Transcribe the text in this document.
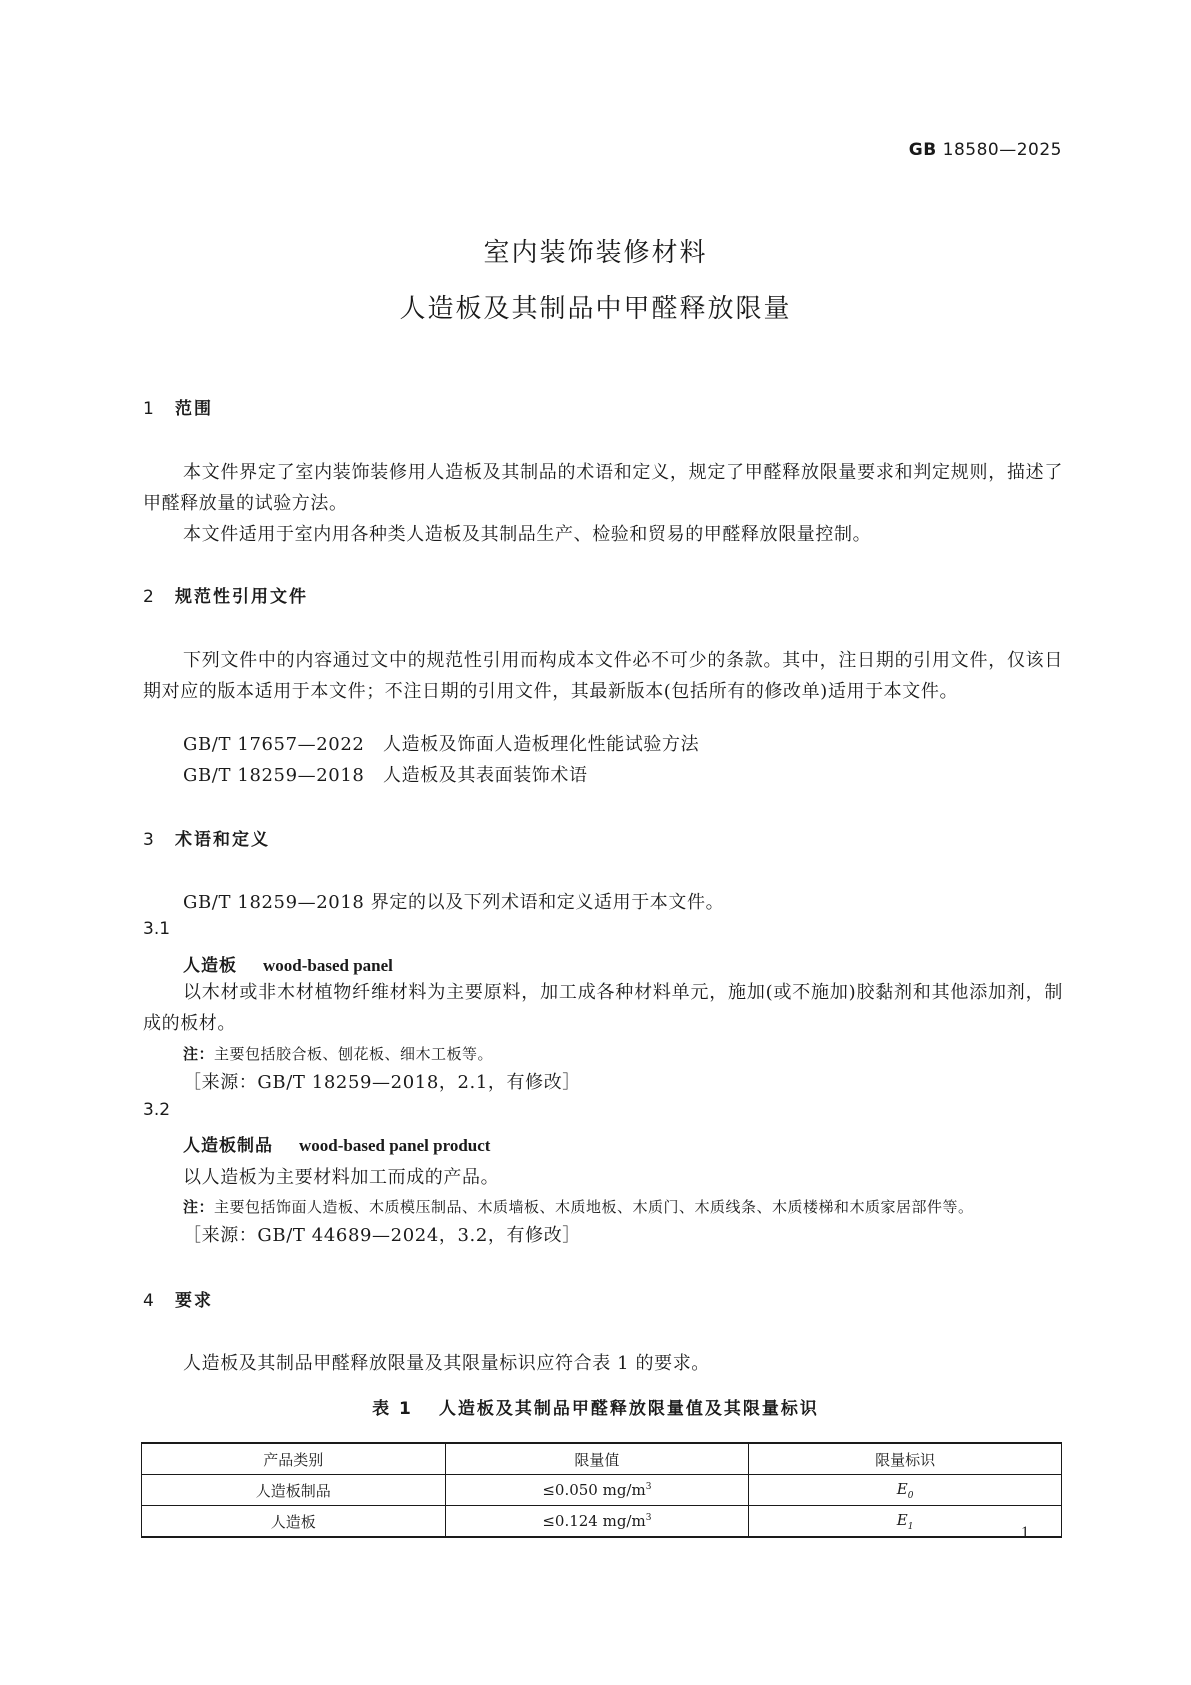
GB 18580—2025
室内装饰装修材料
人造板及其制品中甲醛释放限量
1 范围

本文件界定了室内装饰装修用人造板及其制品的术语和定义，规定了甲醛释放限量要求和判定规则，描述了甲醛释放量的试验方法。

本文件适用于室内用各种类人造板及其制品生产、检验和贸易的甲醛释放限量控制。

2 规范性引用文件

下列文件中的内容通过文中的规范性引用而构成本文件必不可少的条款。其中，注日期的引用文件，仅该日期对应的版本适用于本文件；不注日期的引用文件，其最新版本(包括所有的修改单)适用于本文件。

GB/T 17657—2022 人造板及饰面人造板理化性能试验方法
GB/T 18259—2018 人造板及其表面装饰术语
3 术语和定义
GB/T 18259—2018 界定的以及下列术语和定义适用于本文件。
3.1
人造板 wood-based panel

以木材或非木材植物纤维材料为主要原料，加工成各种材料单元，施加(或不施加)胶黏剂和其他添加剂，制成的板材。

注：主要包括胶合板、刨花板、细木工板等。
［来源：GB/T 18259—2018，2.1，有修改］
3.2
人造板制品 wood-based panel product
以人造板为主要材料加工而成的产品。
注：主要包括饰面人造板、木质模压制品、木质墙板、木质地板、木质门、木质线条、木质楼梯和木质家居部件等。
［来源：GB/T 44689—2024，3.2，有修改］
4 要求
人造板及其制品甲醛释放限量及其限量标识应符合表 1 的要求。
表 1 人造板及其制品甲醛释放限量值及其限量标识
产品类别	限量值	限量标识
人造板制品	≤0.050 $mg/m^3$	$E_0$
人造板	≤0.124 $mg/m^3$	$E_1$	1
